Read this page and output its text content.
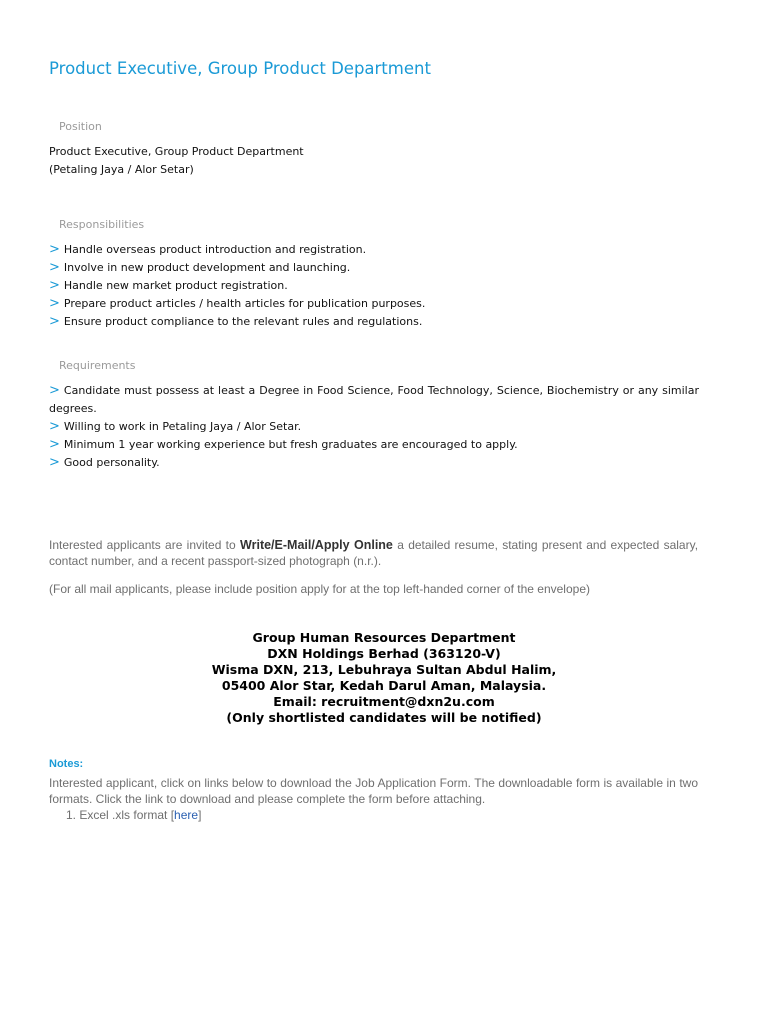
Product Executive, Group Product Department
Position

Product Executive, Group Product Department

(Petaling Jaya / Alor Setar)

Responsibilities
> Handle overseas product introduction and registration.
> Involve in new product development and launching.
> Handle new market product registration.
> Prepare product articles / health articles for publication purposes.
> Ensure product compliance to the relevant rules and regulations.
Requirements
> Candidate must possess at least a Degree in Food Science, Food Technology, Science, Biochemistry or any similar degrees.
> Willing to work in Petaling Jaya / Alor Setar.
> Minimum 1 year working experience but fresh graduates are encouraged to apply.
> Good personality.

Interested applicants are invited to Write/E-Mail/Apply Online a detailed resume, stating present and expected salary, contact number, and a recent passport-sized photograph (n.r.).

(For all mail applicants, please include position apply for at the top left-handed corner of the envelope)

Group Human Resources Department
DXN Holdings Berhad (363120-V)
Wisma DXN, 213, Lebuhraya Sultan Abdul Halim,
05400 Alor Star, Kedah Darul Aman, Malaysia.
Email: recruitment@dxn2u.com
(Only shortlisted candidates will be notified)
Notes:

Interested applicant, click on links below to download the Job Application Form. The downloadable form is available in two formats. Click the link to download and please complete the form before attaching.

1. Excel .xls format [here]
